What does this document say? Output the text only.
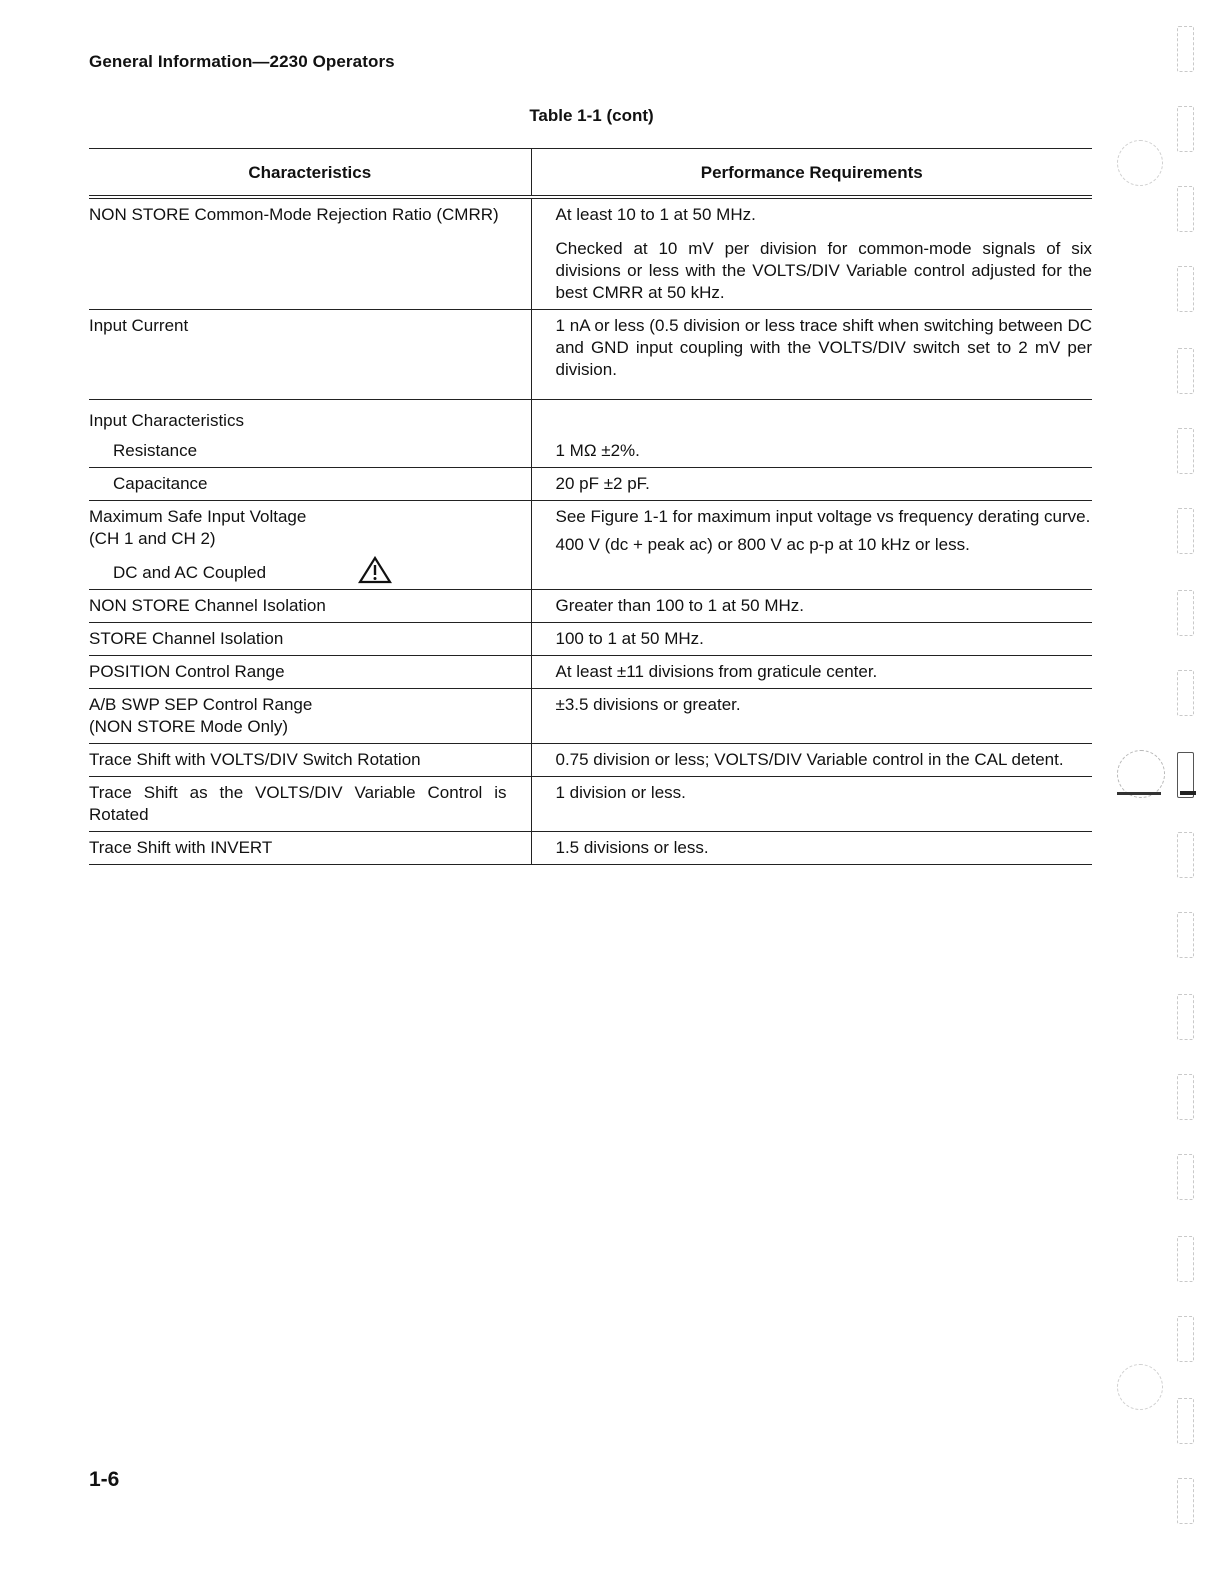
General Information—2230 Operators
Table 1-1 (cont)
Characteristics	Performance Requirements
NON STORE Common-Mode Rejection Ratio (CMRR)	At least 10 to 1 at 50 MHz.
Checked at 10 mV per division for common-mode signals of six divisions or less with the VOLTS/DIV Variable control adjusted for the best CMRR at 50 kHz.
Input Current	1 nA or less (0.5 division or less trace shift when switching between DC and GND input coupling with the VOLTS/DIV switch set to 2 mV per division.
Input Characteristics
Resistance	1 MΩ ±2%.
Capacitance	20 pF ±2 pF.

Maximum Safe Input Voltage
(CH 1 and CH 2)
DC and AC Coupled	See Figure 1-1 for maximum input voltage vs frequency derating curve.
400 V (dc + peak ac) or 800 V ac p-p at 10 kHz or less.

NON STORE Channel Isolation	Greater than 100 to 1 at 50 MHz.
STORE Channel Isolation	100 to 1 at 50 MHz.
POSITION Control Range	At least ±11 divisions from graticule center.

A/B SWP SEP Control Range
(NON STORE Mode Only)	±3.5 divisions or greater.
Trace Shift with VOLTS/DIV Switch Rotation	0.75 division or less; VOLTS/DIV Variable control in the CAL detent.
Trace Shift as the VOLTS/DIV Variable Control is Rotated	1 division or less.
Trace Shift with INVERT	1.5 divisions or less.
1-6
